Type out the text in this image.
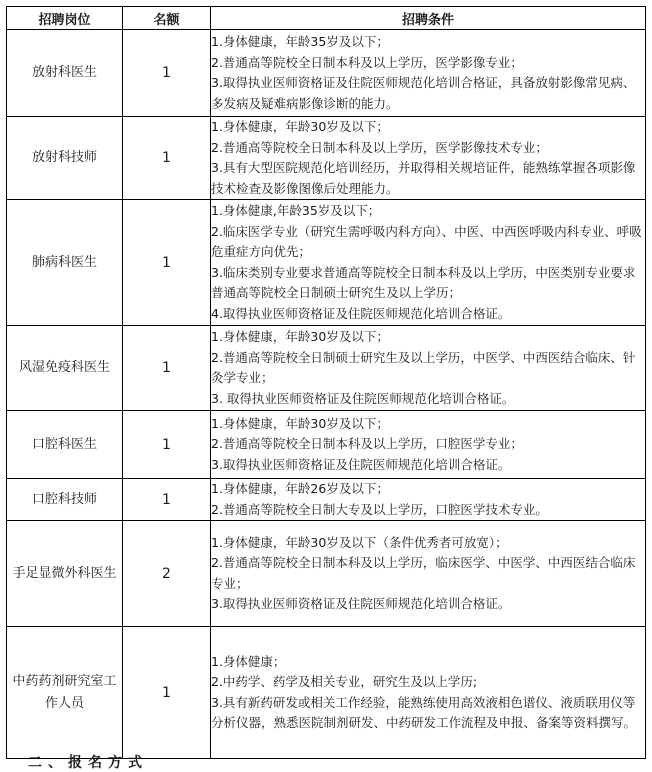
招聘岗位	名额	招聘条件
放射科医生	1	1.身体健康，年龄35岁及以下；
2.普通高等院校全日制本科及以上学历，医学影像专业；
3.取得执业医师资格证及住院医师规范化培训合格证，具备放射影像常见病、多发病及疑难病影像诊断的能力。

放射科技师	1	1.身体健康，年龄30岁及以下；
2.普通高等院校全日制本科及以上学历，医学影像技术专业；
3.具有大型医院规范化培训经历，并取得相关规培证件，能熟练掌握各项影像技术检查及影像图像后处理能力。

肺病科医生	1	1.身体健康,年龄35岁及以下；
2.临床医学专业（研究生需呼吸内科方向）、中医、中西医呼吸内科专业、呼吸危重症方向优先；
3.临床类别专业要求普通高等院校全日制本科及以上学历，中医类别专业要求普通高等院校全日制硕士研究生及以上学历；
4.取得执业医师资格证及住院医师规范化培训合格证。

风湿免疫科医生	1	1.身体健康，年龄30岁及以下；
2.普通高等院校全日制硕士研究生及以上学历，中医学、中西医结合临床、针灸学专业；
3. 取得执业医师资格证及住院医师规范化培训合格证。

口腔科医生	1	1.身体健康，年龄30岁及以下；
2.普通高等院校全日制本科及以上学历，口腔医学专业；
3.取得执业医师资格证及住院医师规范化培训合格证。

口腔科技师	1	1.身体健康，年龄26岁及以下；
2.普通高等院校全日制大专及以上学历，口腔医学技术专业。

手足显微外科医生	2	1.身体健康，年龄30岁及以下（条件优秀者可放宽）；
2.普通高等院校全日制本科及以上学历，临床医学、中医学、中西医结合临床专业；
3.取得执业医师资格证及住院医师规范化培训合格证。

中药药剂研究室工作人员	1	1.身体健康；
2.中药学、药学及相关专业，研究生及以上学历;
3.具有新药研发或相关工作经验，能熟练使用高效液相色谱仪、液质联用仪等分析仪器，熟悉医院制剂研发、中药研发工作流程及申报、备案等资料撰写。
二、报名方式
